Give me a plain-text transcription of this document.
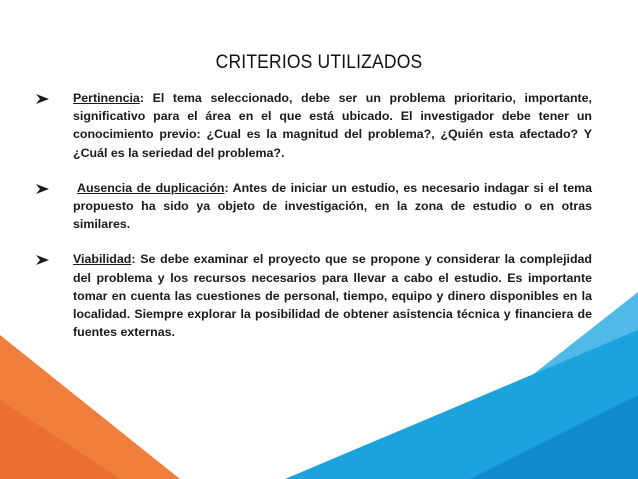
CRITERIOS UTILIZADOS
Pertinencia: El tema seleccionado, debe ser un problema prioritario, importante, significativo para el área en el que está ubicado. El investigador debe tener un conocimiento previo: ¿Cual es la magnitud del problema?, ¿Quién esta afectado? Y ¿Cuál es la seriedad del problema?.
Ausencia de duplicación: Antes de iniciar un estudio, es necesario indagar si el tema propuesto ha sido ya objeto de investigación, en la zona de estudio o en otras similares.
Viabilidad: Se debe examinar el proyecto que se propone y considerar la complejidad del problema y los recursos necesarios para llevar a cabo el estudio. Es importante tomar en cuenta las cuestiones de personal, tiempo, equipo y dinero disponibles en la localidad. Siempre explorar la posibilidad de obtener asistencia técnica y financiera de fuentes externas.
